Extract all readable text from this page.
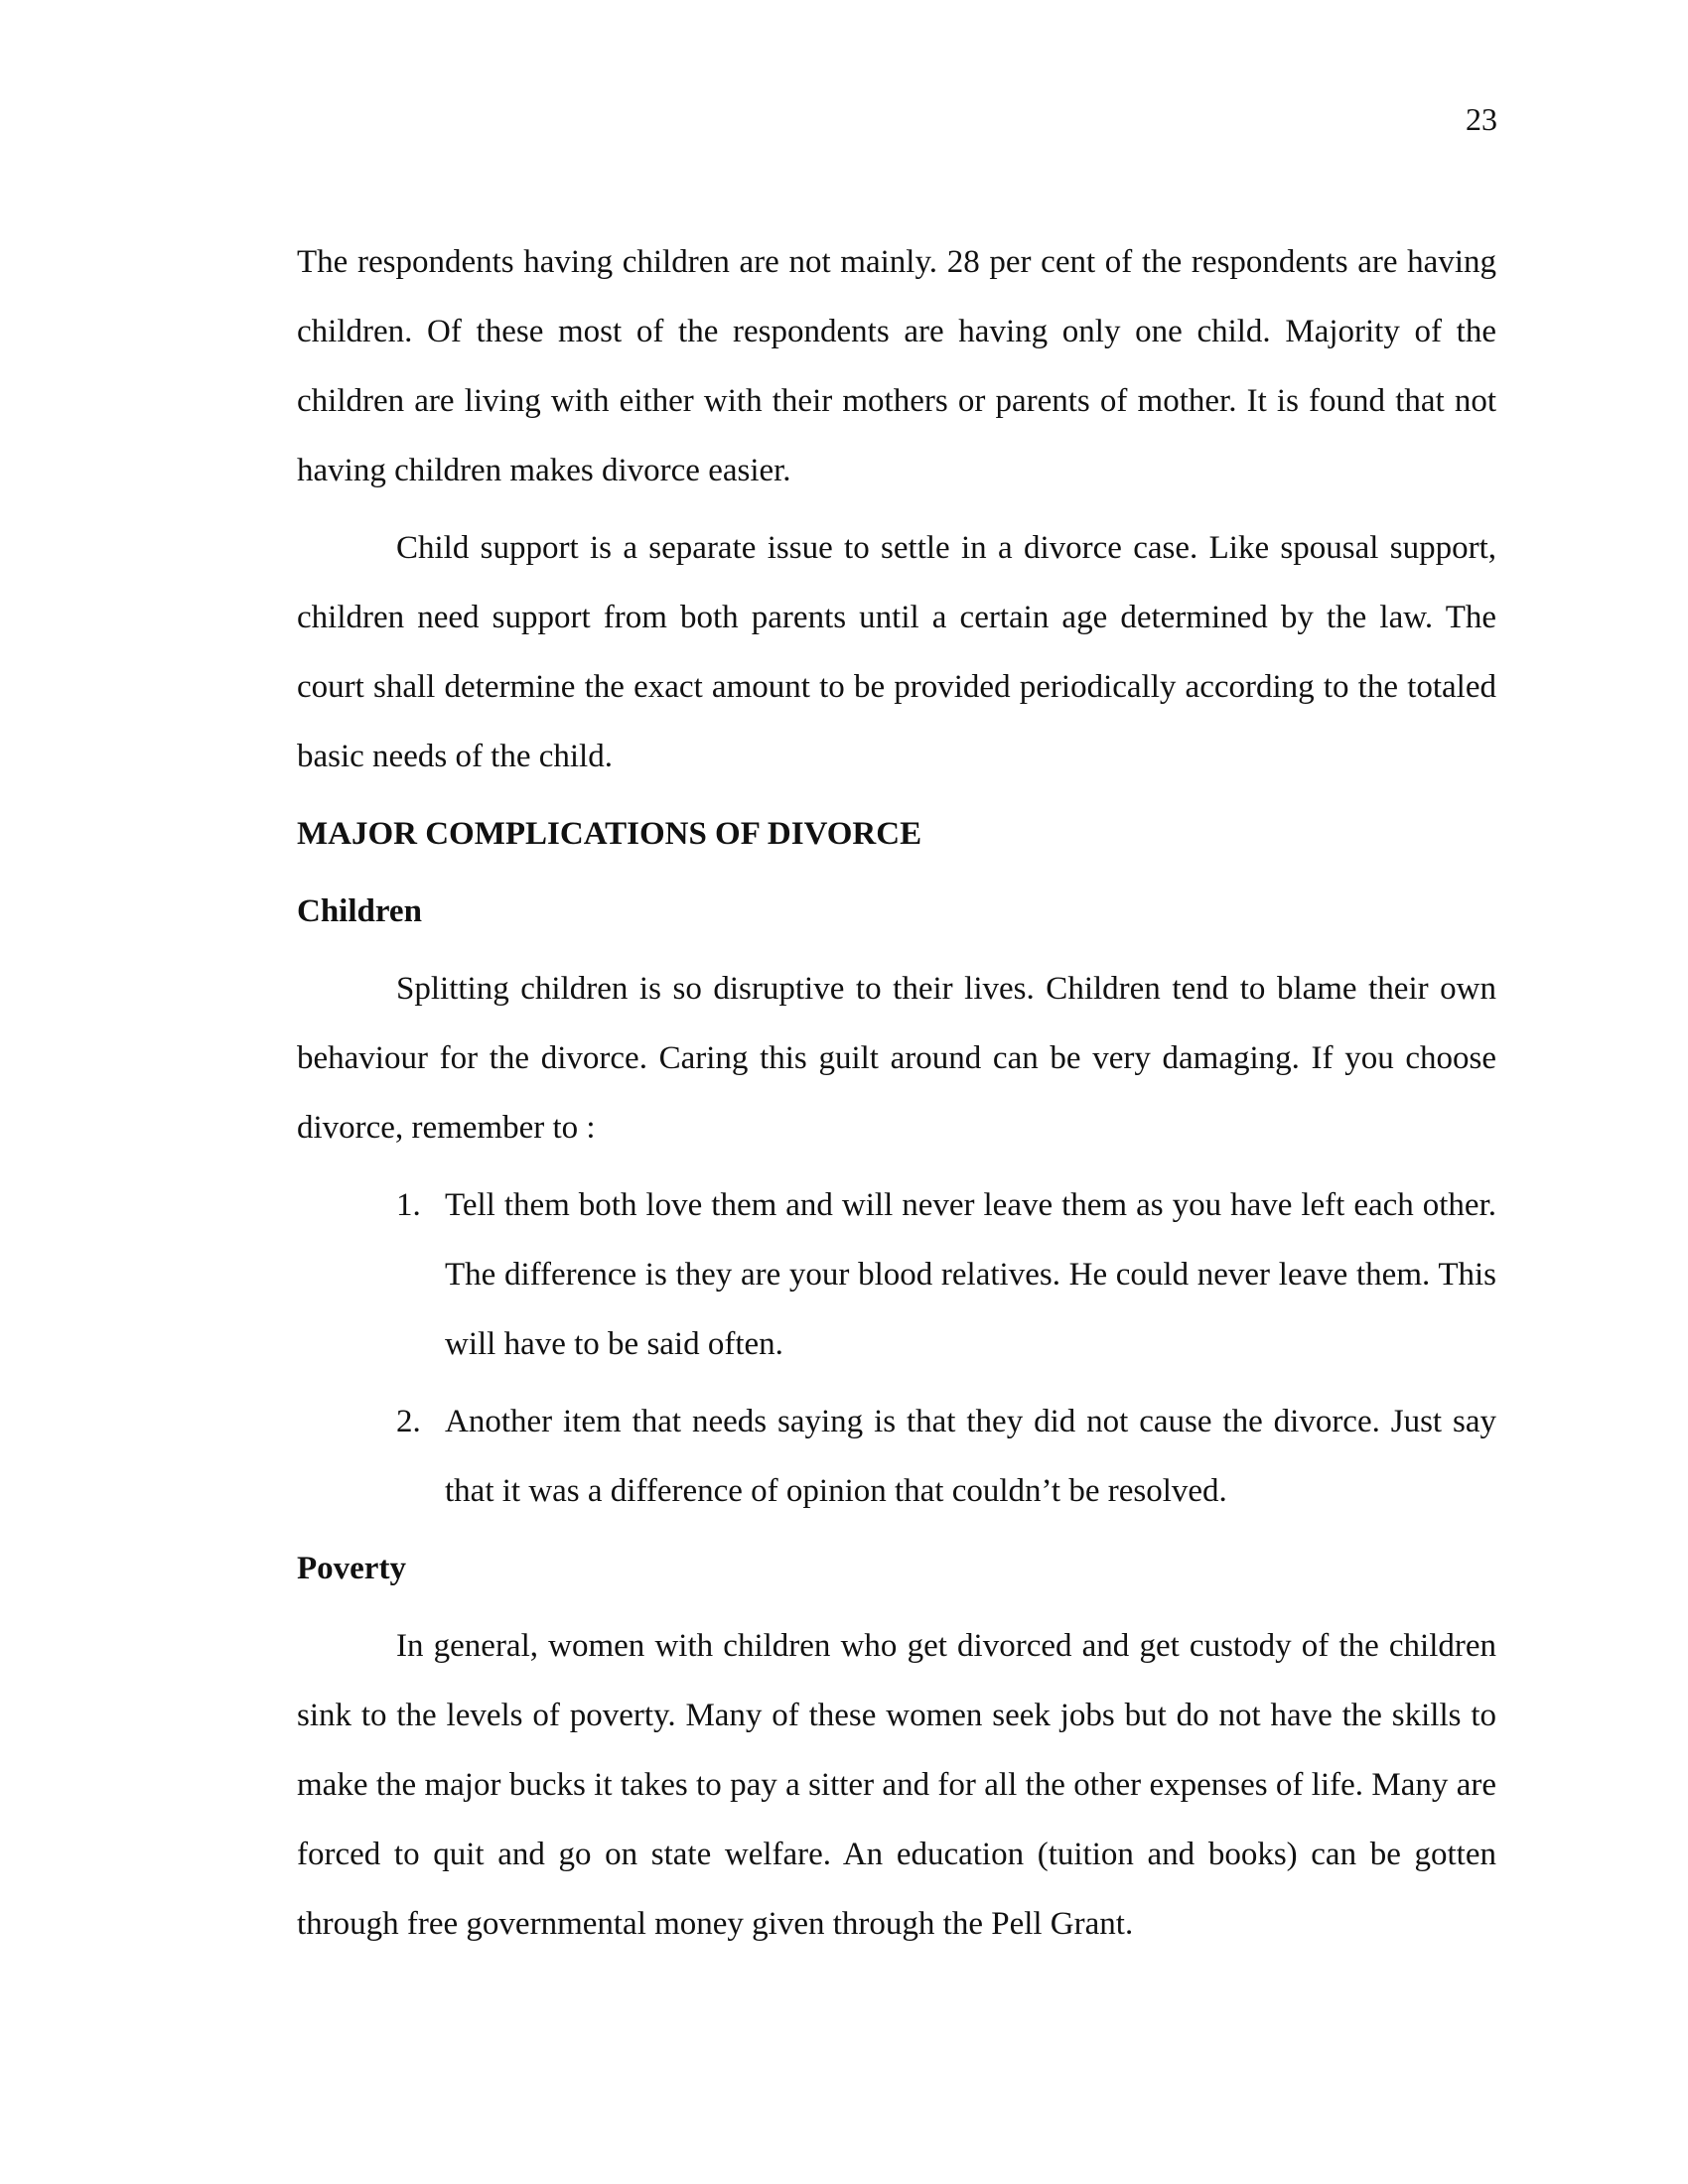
23

The respondents having children are not mainly. 28 per cent of the respondents are having children. Of these most of the respondents are having only one child. Majority of the children are living with either with their mothers or parents of mother. It is found that not having children makes divorce easier.

Child support is a separate issue to settle in a divorce case. Like spousal support, children need support from both parents until a certain age determined by the law. The court shall determine the exact amount to be provided periodically according to the totaled basic needs of the child.

MAJOR COMPLICATIONS OF DIVORCE
Children

Splitting children is so disruptive to their lives. Children tend to blame their own behaviour for the divorce. Caring this guilt around can be very damaging. If you choose divorce, remember to :

1. Tell them both love them and will never leave them as you have left each other. The difference is they are your blood relatives. He could never leave them. This will have to be said often.

2. Another item that needs saying is that they did not cause the divorce. Just say that it was a difference of opinion that couldn’t be resolved.

Poverty

In general, women with children who get divorced and get custody of the children sink to the levels of poverty. Many of these women seek jobs but do not have the skills to make the major bucks it takes to pay a sitter and for all the other expenses of life. Many are forced to quit and go on state welfare. An education (tuition and books) can be gotten through free governmental money given through the Pell Grant.
